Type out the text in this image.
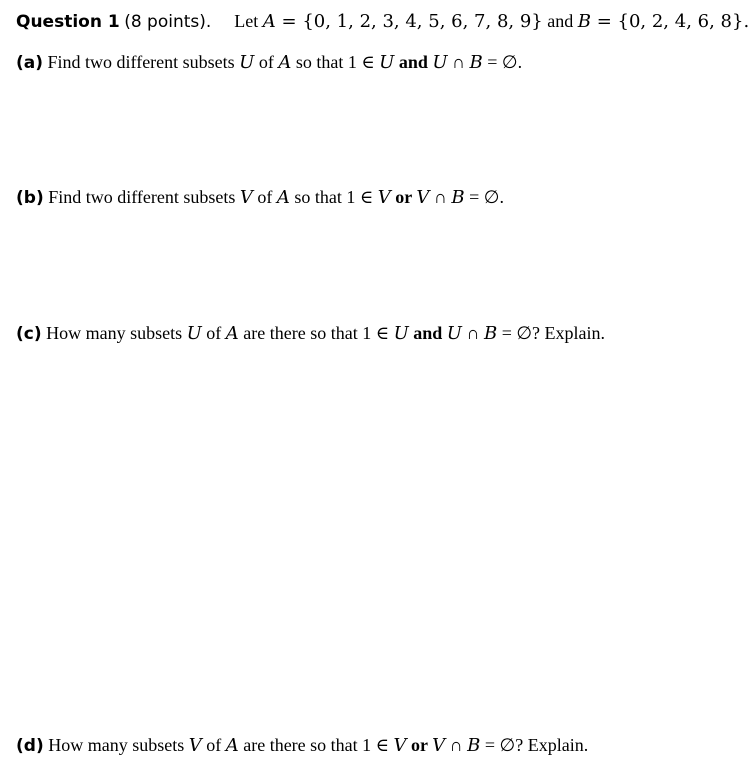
Question 1 (8 points). Let A = {0, 1, 2, 3, 4, 5, 6, 7, 8, 9} and B = {0, 2, 4, 6, 8}.
(a) Find two different subsets U of A so that 1 ∈ U and U ∩ B = ∅.
(b) Find two different subsets V of A so that 1 ∈ V or V ∩ B = ∅.
(c) How many subsets U of A are there so that 1 ∈ U and U ∩ B = ∅? Explain.
(d) How many subsets V of A are there so that 1 ∈ V or V ∩ B = ∅? Explain.
